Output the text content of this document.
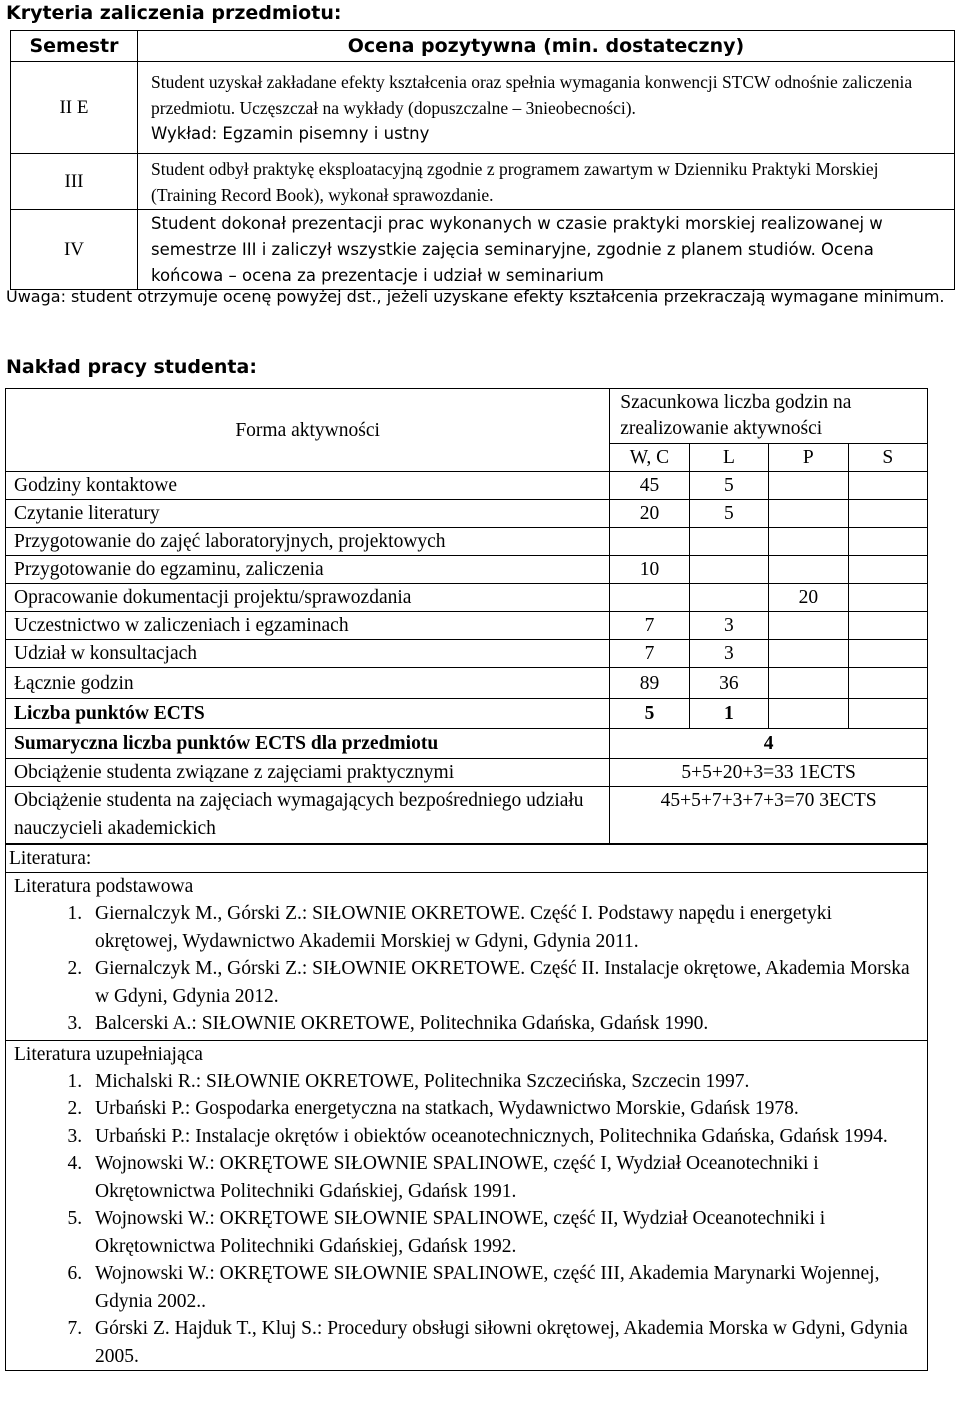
Kryteria zaliczenia przedmiotu:
Semestr	Ocena pozytywna (min. dostateczny)
II E	Student uzyskał zakładane efekty kształcenia oraz spełnia wymagania konwencji STCW odnośnie zaliczenia przedmiotu. Uczęszczał na wykłady (dopuszczalne – 3nieobecności).
Wykład: Egzamin pisemny i ustny

III	Student odbył praktykę eksploatacyjną zgodnie z programem zawartym w Dzienniku Praktyki Morskiej (Training Record Book), wykonał sprawozdanie.

IV	Student dokonał prezentacji prac wykonanych w czasie praktyki morskiej realizowanej w semestrze III i zaliczył wszystkie zajęcia seminaryjne, zgodnie z planem studiów. Ocena końcowa – ocena za prezentacje i udział w seminarium
Uwaga: student otrzymuje ocenę powyżej dst., jeżeli uzyskane efekty kształcenia przekraczają wymagane minimum.
Nakład pracy studenta:
Forma aktywności	Szacunkowa liczba godzin na zrealizowanie aktywności			
	W, C	L	P	S
Godziny kontaktowe	45	5		
Czytanie literatury	20	5		
Przygotowanie do zajęć laboratoryjnych, projektowych				
Przygotowanie do egzaminu, zaliczenia	10			
Opracowanie dokumentacji projektu/sprawozdania			20	
Uczestnictwo w zaliczeniach i egzaminach	7	3		
Udział w konsultacjach	7	3		
Łącznie godzin	89	36		
Liczba punktów ECTS	5	1		
Sumaryczna liczba punktów ECTS dla przedmiotu	4			
Obciążenie studenta związane z zajęciami praktycznymi	5+5+20+3=33 1ECTS			
Obciążenie studenta na zajęciach wymagających bezpośredniego udziału nauczycieli akademickich	45+5+7+3+7+3=70 3ECTS			
Literatura:

Literatura podstawowa
1. Giernalczyk M., Górski Z.: SIŁOWNIE OKRETOWE. Część I. Podstawy napędu i energetyki okrętowej, Wydawnictwo Akademii Morskiej w Gdyni, Gdynia 2011.
2. Giernalczyk M., Górski Z.: SIŁOWNIE OKRETOWE. Część II. Instalacje okrętowe, Akademia Morska w Gdyni, Gdynia 2012.
3. Balcerski A.: SIŁOWNIE OKRETOWE, Politechnika Gdańska, Gdańsk 1990.

Literatura uzupełniająca
1. Michalski R.: SIŁOWNIE OKRETOWE, Politechnika Szczecińska, Szczecin 1997.
2. Urbański P.: Gospodarka energetyczna na statkach, Wydawnictwo Morskie, Gdańsk 1978.
3. Urbański P.: Instalacje okrętów i obiektów oceanotechnicznych, Politechnika Gdańska, Gdańsk 1994.
4. Wojnowski W.: OKRĘTOWE SIŁOWNIE SPALINOWE, część I, Wydział Oceanotechniki i Okrętownictwa Politechniki Gdańskiej, Gdańsk 1991.
5. Wojnowski W.: OKRĘTOWE SIŁOWNIE SPALINOWE, część II, Wydział Oceanotechniki i Okrętownictwa Politechniki Gdańskiej, Gdańsk 1992.
6. Wojnowski W.: OKRĘTOWE SIŁOWNIE SPALINOWE, część III, Akademia Marynarki Wojennej, Gdynia 2002..
7. Górski Z. Hajduk T., Kluj S.: Procedury obsługi siłowni okrętowej, Akademia Morska w Gdyni, Gdynia 2005.
